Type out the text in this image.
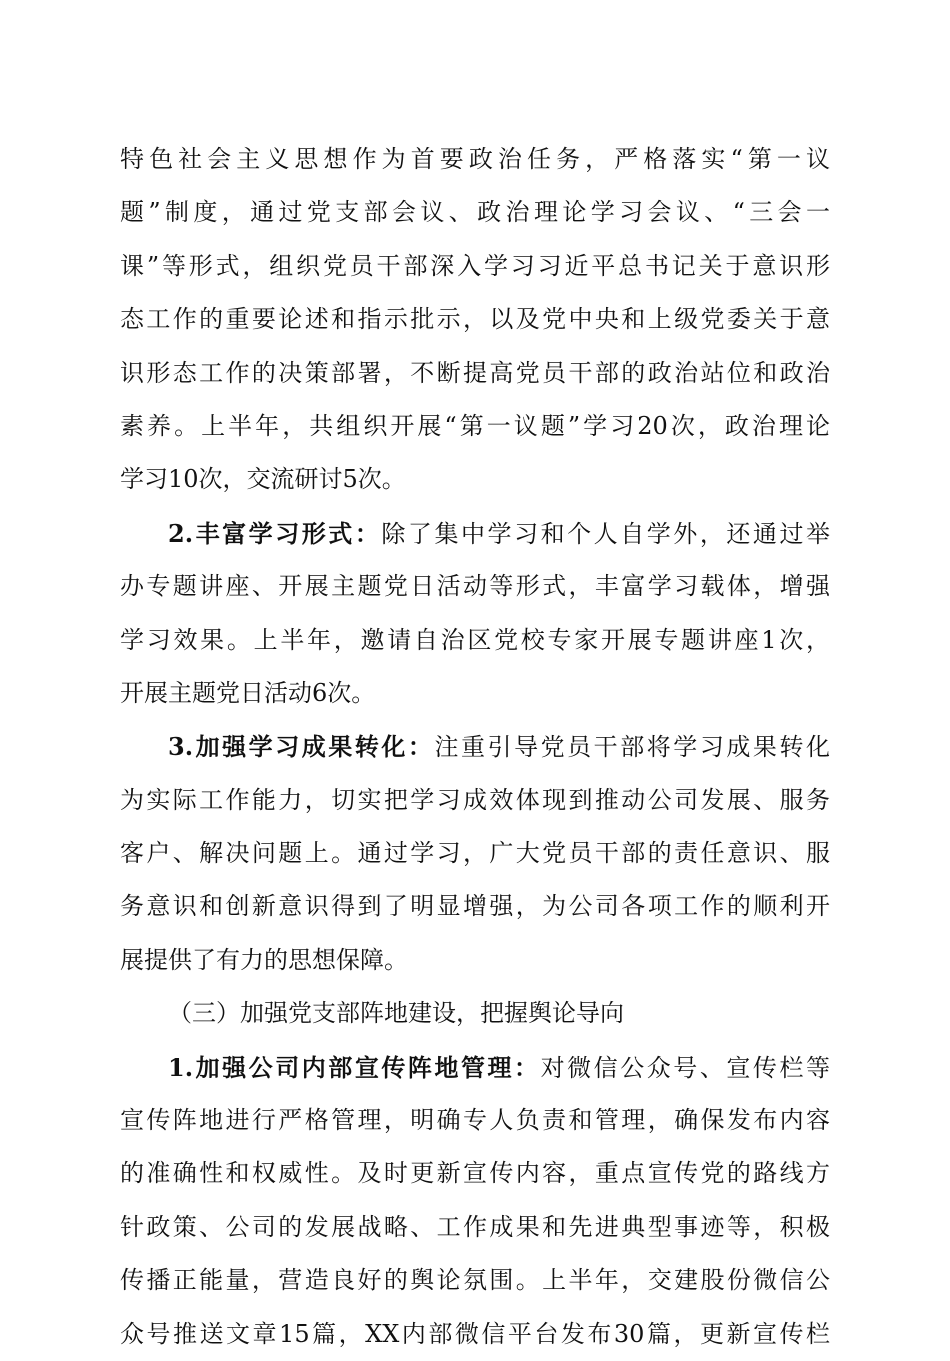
特色社会主义思想作为首要政治任务，严格落实“第一议
题”制度，通过党支部会议、政治理论学习会议、“三会一
课”等形式，组织党员干部深入学习习近平总书记关于意识形
态工作的重要论述和指示批示，以及党中央和上级党委关于意
识形态工作的决策部署，不断提高党员干部的政治站位和政治
素养。上半年，共组织开展“第一议题”学习20次，政治理论
学习10次，交流研讨5次。
2.丰富学习形式：除了集中学习和个人自学外，还通过举
办专题讲座、开展主题党日活动等形式，丰富学习载体，增强
学习效果。上半年，邀请自治区党校专家开展专题讲座1次，
开展主题党日活动6次。
3.加强学习成果转化：注重引导党员干部将学习成果转化
为实际工作能力，切实把学习成效体现到推动公司发展、服务
客户、解决问题上。通过学习，广大党员干部的责任意识、服
务意识和创新意识得到了明显增强，为公司各项工作的顺利开
展提供了有力的思想保障。
（三）加强党支部阵地建设，把握舆论导向
1.加强公司内部宣传阵地管理：对微信公众号、宣传栏等
宣传阵地进行严格管理，明确专人负责和管理，确保发布内容
的准确性和权威性。及时更新宣传内容，重点宣传党的路线方
针政策、公司的发展战略、工作成果和先进典型事迹等，积极
传播正能量，营造良好的舆论氛围。上半年，交建股份微信公
众号推送文章15篇，XX内部微信平台发布30篇，更新宣传栏
